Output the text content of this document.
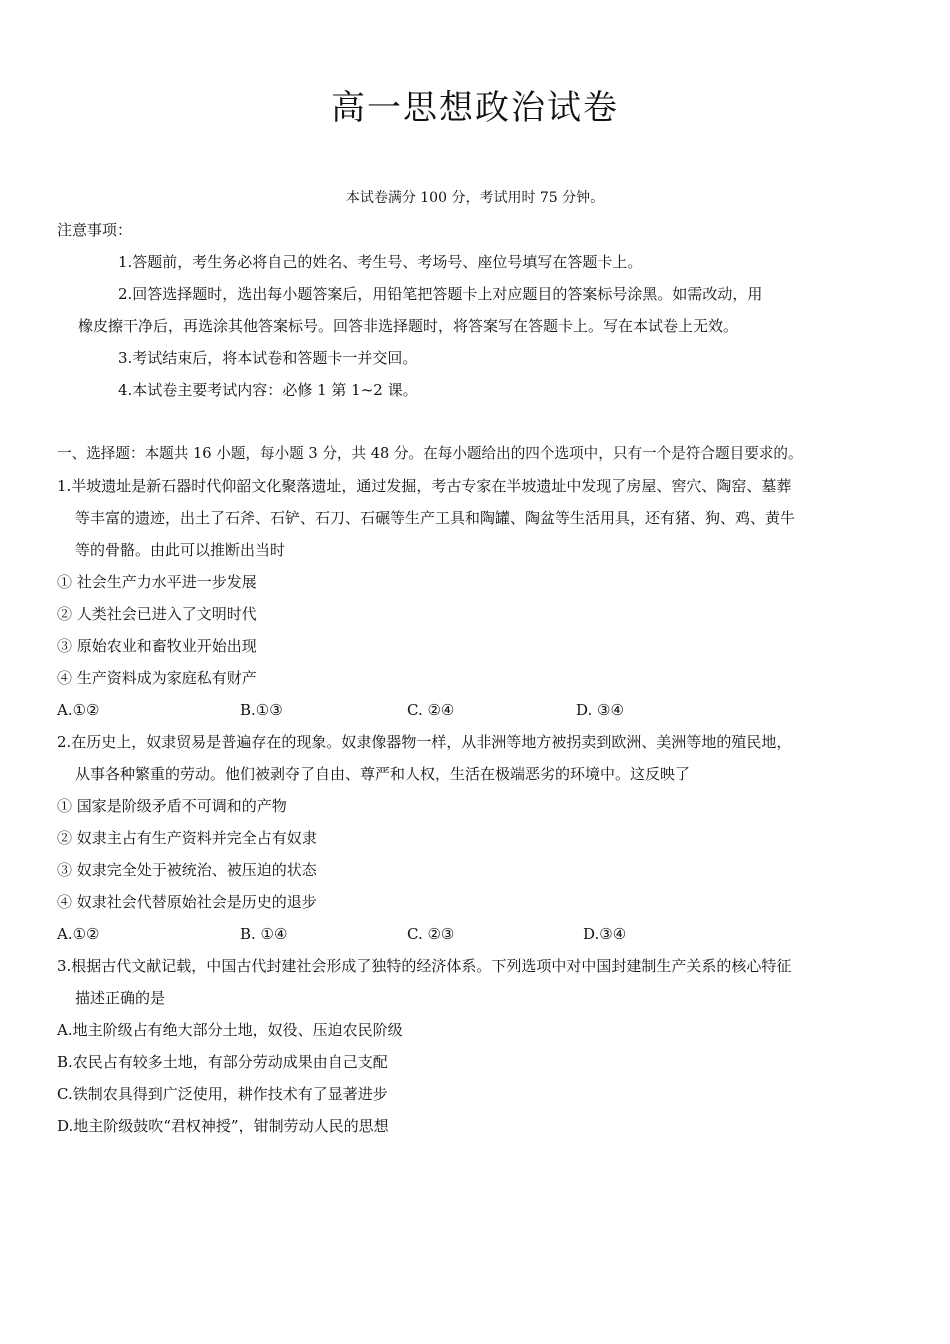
高一思想政治试卷
本试卷满分 100 分，考试用时 75 分钟。
注意事项：
1.答题前，考生务必将自己的姓名、考生号、考场号、座位号填写在答题卡上。
2.回答选择题时，选出每小题答案后，用铅笔把答题卡上对应题目的答案标号涂黑。如需改动，用
橡皮擦干净后，再选涂其他答案标号。回答非选择题时，将答案写在答题卡上。写在本试卷上无效。
3.考试结束后，将本试卷和答题卡一并交回。
4.本试卷主要考试内容：必修 1 第 1~2 课。
一、选择题：本题共 16 小题，每小题 3 分，共 48 分。在每小题给出的四个选项中，只有一个是符合题目要求的。
1.半坡遗址是新石器时代仰韶文化聚落遗址，通过发掘，考古专家在半坡遗址中发现了房屋、窖穴、陶窑、墓葬
等丰富的遗迹，出土了石斧、石铲、石刀、石碾等生产工具和陶罐、陶盆等生活用具，还有猪、狗、鸡、黄牛
等的骨骼。由此可以推断出当时
① 社会生产力水平进一步发展
② 人类社会已进入了文明时代
③ 原始农业和畜牧业开始出现
④ 生产资料成为家庭私有财产
A.①②	B.①③	C. ②④	D. ③④
2.在历史上，奴隶贸易是普遍存在的现象。奴隶像器物一样，从非洲等地方被拐卖到欧洲、美洲等地的殖民地，
从事各种繁重的劳动。他们被剥夺了自由、尊严和人权，生活在极端恶劣的环境中。这反映了
① 国家是阶级矛盾不可调和的产物
② 奴隶主占有生产资料并完全占有奴隶
③ 奴隶完全处于被统治、被压迫的状态
④ 奴隶社会代替原始社会是历史的退步
A.①②	B. ①④	C. ②③	D.③④
3.根据古代文献记载，中国古代封建社会形成了独特的经济体系。下列选项中对中国封建制生产关系的核心特征
描述正确的是
A.地主阶级占有绝大部分土地，奴役、压迫农民阶级
B.农民占有较多土地，有部分劳动成果由自己支配
C.铁制农具得到广泛使用，耕作技术有了显著进步
D.地主阶级鼓吹“君权神授”，钳制劳动人民的思想
